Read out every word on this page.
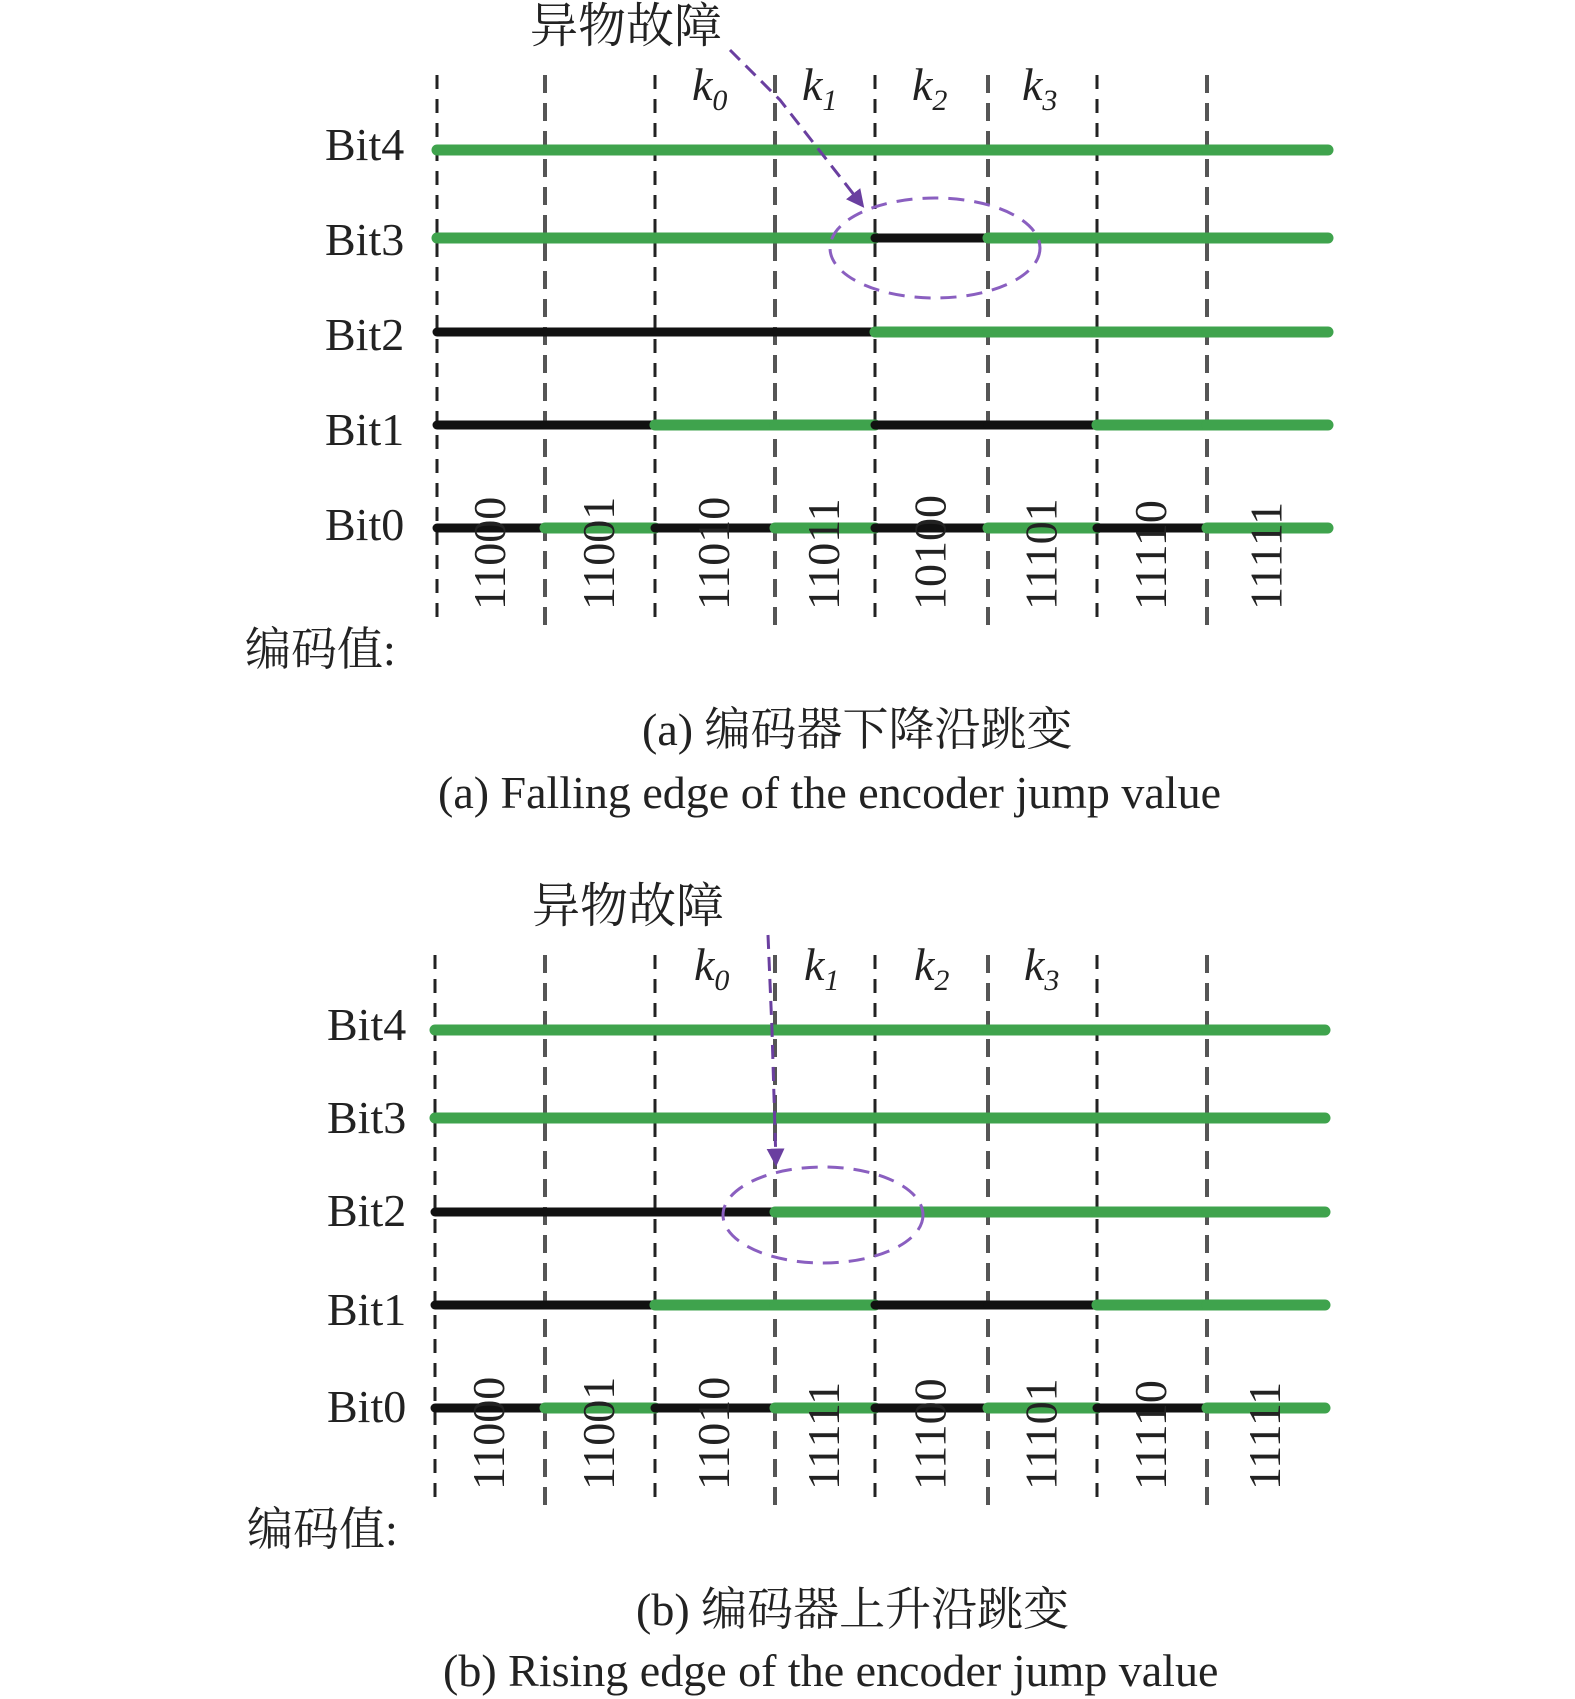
异物故障
$k_0$ $k_1$ $k_2$ $k_3$
Bit4
Bit3
Bit2
Bit1
Bit0 11000 11001 11010 11011 10100 11101 11110 11111
编码值:
(a) 编码器下降沿跳变
(a) Falling edge of the encoder jump value
异物故障
$k_0$ $k_1$ $k_2$ $k_3$
Bit4
Bit3
Bit2
Bit1
Bit0 11000 11001 11010 11111 11100 11101 11110 11111
编码值:
(b) 编码器上升沿跳变
(b) Rising edge of the encoder jump value
